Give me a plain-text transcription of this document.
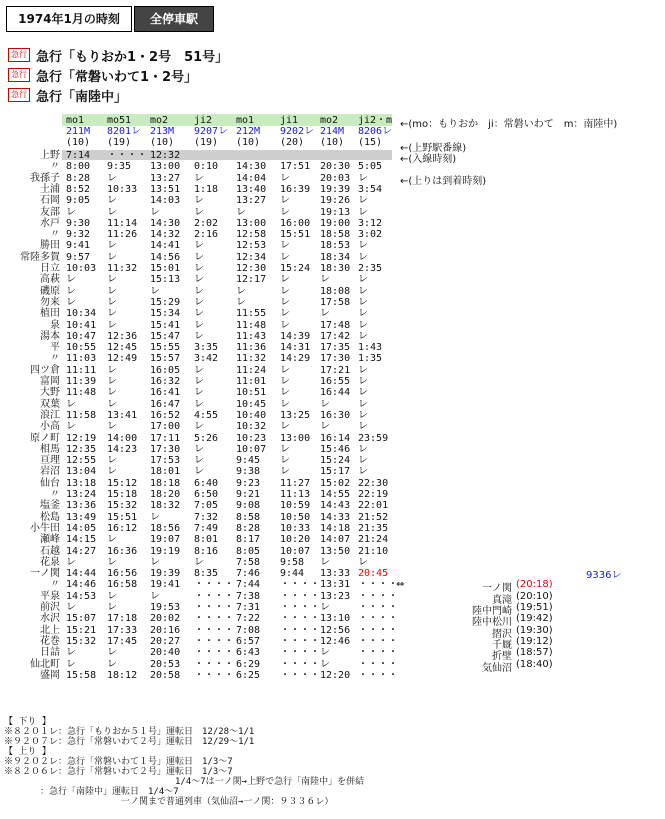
1974年1月の時刻	全停車駅
急行 急行「もりおか1・2号　51号」
急行 急行「常磐いわて1・2号」
急行 急行「南陸中」
mo1 mo51 mo2	ji2 mo1	ji1 mo2 ji2・m
211M 8201レ 213M 9207レ 212M 9202レ 214M 8206レ
(10) (19) (10) (19) (10) (20) (10) (15)
←(mo：もりおか　ji：常磐いわて　m：南陸中)
←(上野駅番線)
←(入線時刻)
←(上りは到着時刻)
上野 7:14	・・・・ 12:32
〃 8:00	9:35	13:00	0:10	14:30	17:51 20:30 5:05
我孫子 8:28	レ	13:27	レ	14:04	レ	20:03 レ
土浦 8:52	10:33	13:51	1:18	13:40	16:39 19:39 3:54
石岡 9:05	レ	14:03	レ	13:27	レ	19:26 レ
友部 レ	レ	レ	レ	レ	レ	19:13 レ
水戸 9:30	11:14	14:30	2:02	13:00	16:00 19:00 3:12
〃 9:32	11:26	14:32	2:16	12:58	15:51 18:58 3:02
勝田 9:41	レ	14:41	レ	12:53	レ	18:53 レ
常陸多賀 9:57	レ	14:56	レ	12:34	レ	18:34 レ
日立 10:03	11:32	15:01	レ	12:30	15:24 18:30 2:35
高萩 レ	レ	15:13	レ	12:17	レ	レ	レ
磯原 レ	レ	レ	レ	レ	レ	18:08 レ
勿来 レ	レ	15:29	レ	レ	レ	17:58 レ
植田 10:34	レ	15:34	レ	11:55	レ	レ	レ
泉 10:41	レ	15:41	レ	11:48	レ	17:48 レ
湯本 10:47	12:36	15:47	レ	11:43	14:39 17:42 レ
平 10:55	12:45	15:55	3:35	11:36	14:31 17:35 1:43
〃 11:03	12:49	15:57	3:42	11:32	14:29 17:30 1:35
四ツ倉 11:11	レ	16:05	レ	11:24	レ	17:21 レ
富岡 11:39	レ	16:32	レ	11:01	レ	16:55 レ
大野 11:48	レ	16:41	レ	10:51	レ	16:44 レ
双葉 レ	レ	16:47	レ	10:45	レ	レ	レ
浪江 11:58	13:41	16:52	4:55	10:40	13:25 16:30 レ
小高 レ	レ	17:00	レ	10:32	レ	レ	レ
原ノ町 12:19	14:00	17:11	5:26	10:23	13:00 16:14 23:59
相馬 12:35	14:23	17:30	レ	10:07	レ	15:46 レ
亘理 12:55	レ	17:53	レ	9:45	レ	15:24 レ
岩沼 13:04	レ	18:01	レ	9:38	レ	15:17 レ
仙台 13:18	15:12	18:18	6:40	9:23	11:27 15:02 22:30
〃 13:24	15:18	18:20	6:50	9:21	11:13 14:55 22:19
塩釜 13:36	15:32	18:32	7:05	9:08	10:59 14:43 22:01
松島 13:49	15:51	レ	7:32	8:58	10:50 14:33 21:52
小牛田 14:05	16:12	18:56	7:49	8:28	10:33 14:18 21:35
瀬峰 14:15	レ	19:07	8:01	8:17	10:20 14:07 21:24
石越 14:27	16:36	19:19	8:16	8:05	10:07 13:50 21:10
花泉 レ	レ	レ	レ	7:58	9:58	レ	レ
一ノ関 14:44	16:56	19:39	8:35	7:46	9:44	13:33 20:45
〃 14:46	16:58	19:41	・・・・ 7:44	・・・・ 13:31 ・・・・
平泉 14:53	レ	レ	・・・・ 7:38	・・・・ 13:23 ・・・・
前沢 レ	レ	19:53	・・・・ 7:31	・・・・ レ	・・・・
水沢 15:07	17:18	20:02	・・・・ 7:22	・・・・ 13:10 ・・・・
北上 15:21	17:33	20:16	・・・・ 7:08	・・・・ 12:56 ・・・・
花巻 15:32	17:45	20:27	・・・・ 6:57	・・・・ 12:46 ・・・・
日詰 レ	レ	20:40	・・・・ 6:43	・・・・ レ	・・・・
仙北町 レ	レ	20:53	・・・・ 6:29	・・・・ レ	・・・・
盛岡 15:58	18:12	20:58	・・・・ 6:25	・・・・ 12:20 ・・・・
9336レ
⇔	一ノ関 (20:18)
真滝 (20:10)
陸中門崎 (19:51)
陸中松川 (19:42)
摺沢 (19:30)
千厩 (19:12)
折壁 (18:57)
気仙沼 (18:40)
【 下り 】
※８２０１レ：急行「もりおか５１号」運転日　12/28～1/1
※９２０７レ：急行「常磐いわて２号」運転日　12/29～1/1
【 上り 】
※９２０２レ：急行「常磐いわて１号」運転日　1/3～7
※８２０６レ：急行「常磐いわて２号」運転日　1/3～7
　　　　　　　　　　　　　　　　　　　1/4～7は一ノ関→上野で急行「南陸中」を併結
　　　　：急行「南陸中」運転日　1/4～7
　　　　　　　　　　　　　一ノ関まで普通列車（気仙沼→一ノ関：９３３６レ）
